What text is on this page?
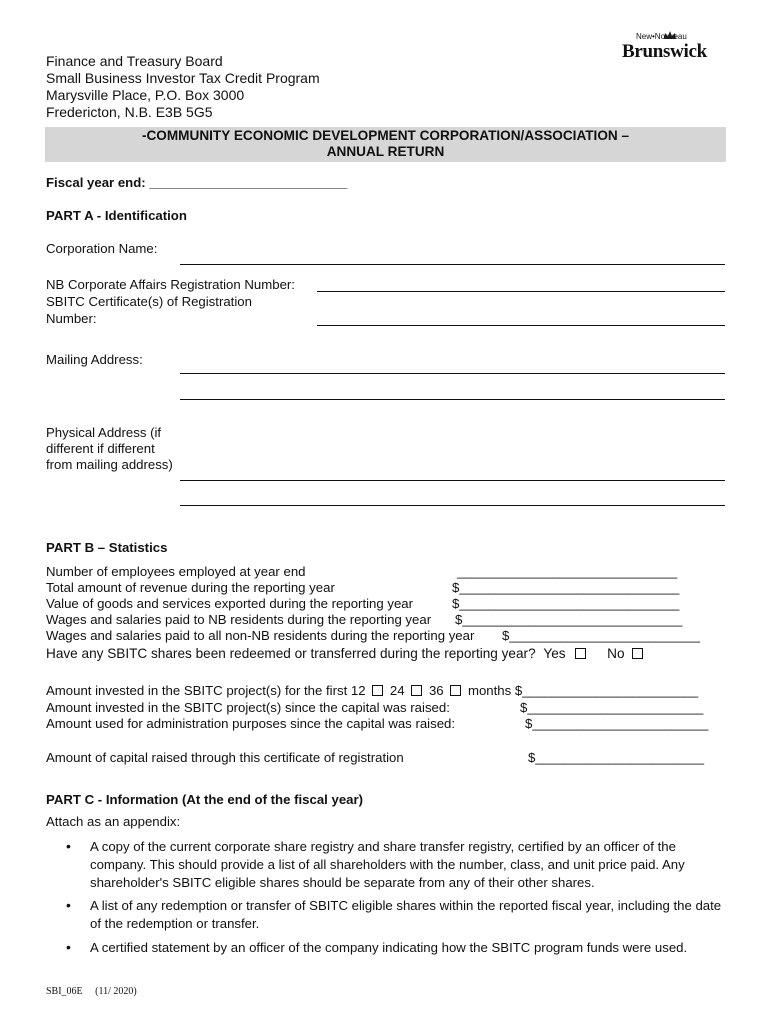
Finance and Treasury Board
Small Business Investor Tax Credit Program
Marysville Place, P.O. Box 3000
Fredericton, N.B. E3B 5G5
New•Nouveau
Brunswick
-COMMUNITY ECONOMIC DEVELOPMENT CORPORATION/ASSOCIATION –
ANNUAL RETURN
Fiscal year end: ___________________________
PART A - Identification
Corporation Name:
NB Corporate Affairs Registration Number:
SBITC Certificate(s) of Registration
Number:
Mailing Address:
Physical Address (if
different if different
from mailing address)
PART B – Statistics
Number of employees employed at year end	______________________________
Total amount of revenue during the reporting year	$______________________________
Value of goods and services exported during the reporting year	$______________________________
Wages and salaries paid to NB residents during the reporting year $______________________________
Wages and salaries paid to all non-NB residents during the reporting year $__________________________
Have any SBITC shares been redeemed or transferred during the reporting year? Yes	No
Amount invested in the SBITC project(s) for the first 12 24 36 months $________________________
Amount invested in the SBITC project(s) since the capital was raised:	$________________________
Amount used for administration purposes since the capital was raised:	$________________________
Amount of capital raised through this certificate of registration	$_______________________
PART C - Information (At the end of the fiscal year)
Attach as an appendix:
• A copy of the current corporate share registry and share transfer registry, certified by an officer of the company. This should provide a list of all shareholders with the number, class, and unit price paid. Any shareholder's SBITC eligible shares should be separate from any of their other shares.
• A list of any redemption or transfer of SBITC eligible shares within the reported fiscal year, including the date of the redemption or transfer.
• A certified statement by an officer of the company indicating how the SBITC program funds were used.
SBI_06E (11/ 2020)
